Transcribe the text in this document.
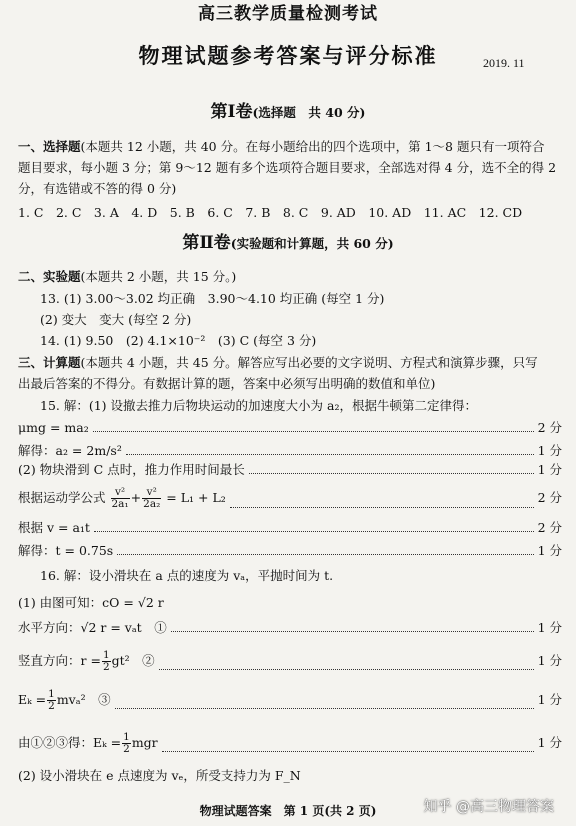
高三教学质量检测考试
物理试题参考答案与评分标准	2019. 11
第Ⅰ卷(选择题　共 40 分)
一、选择题(本题共 12 小题，共 40 分。在每小题给出的四个选项中，第 1～8 题只有一项符合
题目要求，每小题 3 分；第 9～12 题有多个选项符合题目要求，全部选对得 4 分，选不全的得 2
分，有选错或不答的得 0 分)
1. C　2. C　3. A　4. D　5. B　6. C　7. B　8. C　9. AD　10. AD　11. AC　12. CD
第Ⅱ卷(实验题和计算题，共 60 分)
二、实验题(本题共 2 小题，共 15 分。)
13. (1) 3.00～3.02 均正确　3.90～4.10 均正确 (每空 1 分)
(2) 变大　变大 (每空 2 分)
14. (1) 9.50　(2) 4.1×10⁻²　(3) C (每空 3 分)
三、计算题(本题共 4 小题，共 45 分。解答应写出必要的文字说明、方程式和演算步骤，只写
出最后答案的不得分。有数据计算的题，答案中必须写出明确的数值和单位)
15. 解：(1) 设撤去推力后物块运动的加速度大小为 a₂，根据牛顿第二定律得：
μmg = ma₂	2 分
解得：a₂ = 2m/s²	1 分
(2) 物块滑到 C 点时，推力作用时间最长	1 分
根据运动学公式 $\frac{\text{v²}}{\text{2a₁}} + \frac{\text{v²}}{\text{2a₂}} = L_1 + L_2$	2 分
根据 v = a₁t	2 分
解得：t = 0.75s	1 分
16. 解：设小滑块在 a 点的速度为 vₐ，平抛时间为 t.
(1) 由图可知：cO = √2 r
水平方向：√2 r = vₐt　①	1 分
竖直方向：$r = \frac{1}{2} gt^2$　②	1 分
$E_k = \frac{1}{2} mv_a^2$　③	1 分
由①②③得：$E_k = \frac{1}{2}$ mgr	1 分
(2) 设小滑块在 e 点速度为 vₑ，所受支持力为 F_N
物理试题答案　第 1 页(共 2 页)	知乎 @高三物理答案
